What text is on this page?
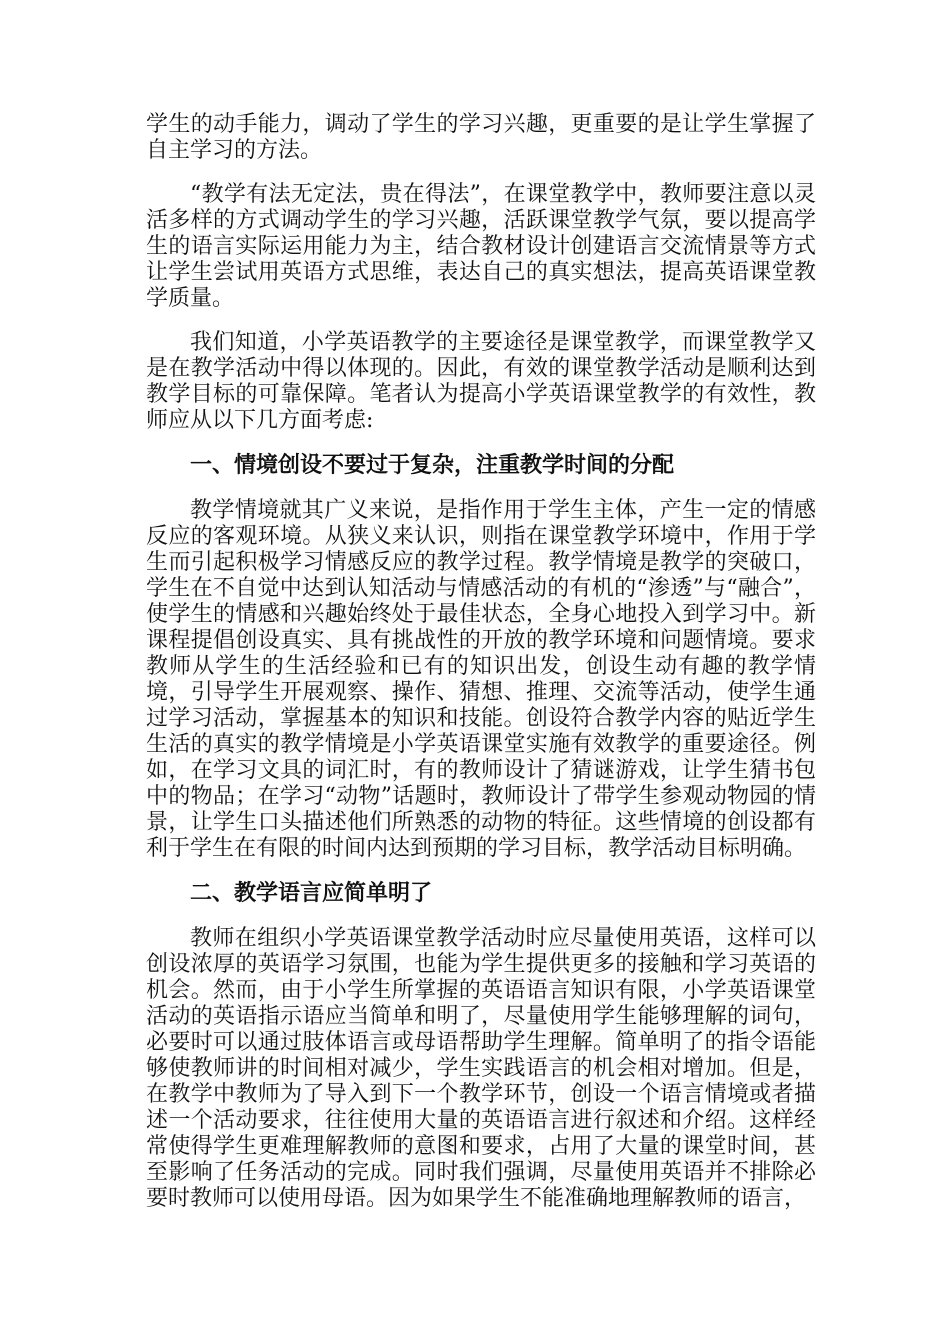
学生的动手能力，调动了学生的学习兴趣，更重要的是让学生掌握了自主学习的方法。

“教学有法无定法，贵在得法”，在课堂教学中，教师要注意以灵活多样的方式调动学生的学习兴趣，活跃课堂教学气氛，要以提高学生的语言实际运用能力为主，结合教材设计创建语言交流情景等方式让学生尝试用英语方式思维，表达自己的真实想法，提高英语课堂教学质量。

我们知道，小学英语教学的主要途径是课堂教学，而课堂教学又是在教学活动中得以体现的。因此，有效的课堂教学活动是顺利达到教学目标的可靠保障。笔者认为提高小学英语课堂教学的有效性，教师应从以下几方面考虑:

一、情境创设不要过于复杂，注重教学时间的分配

教学情境就其广义来说，是指作用于学生主体，产生一定的情感反应的客观环境。从狭义来认识，则指在课堂教学环境中，作用于学生而引起积极学习情感反应的教学过程。教学情境是教学的突破口，学生在不自觉中达到认知活动与情感活动的有机的“渗透”与“融合”，使学生的情感和兴趣始终处于最佳状态，全身心地投入到学习中。新课程提倡创设真实、具有挑战性的开放的教学环境和问题情境。要求教师从学生的生活经验和已有的知识出发，创设生动有趣的教学情境，引导学生开展观察、操作、猜想、推理、交流等活动，使学生通过学习活动，掌握基本的知识和技能。创设符合教学内容的贴近学生生活的真实的教学情境是小学英语课堂实施有效教学的重要途径。例如，在学习文具的词汇时，有的教师设计了猜谜游戏，让学生猜书包中的物品；在学习“动物”话题时，教师设计了带学生参观动物园的情景，让学生口头描述他们所熟悉的动物的特征。这些情境的创设都有利于学生在有限的时间内达到预期的学习目标，教学活动目标明确。

二、教学语言应简单明了

教师在组织小学英语课堂教学活动时应尽量使用英语，这样可以创设浓厚的英语学习氛围，也能为学生提供更多的接触和学习英语的机会。然而，由于小学生所掌握的英语语言知识有限，小学英语课堂活动的英语指示语应当简单和明了，尽量使用学生能够理解的词句，必要时可以通过肢体语言或母语帮助学生理解。简单明了的指令语能够使教师讲的时间相对减少，学生实践语言的机会相对增加。但是，在教学中教师为了导入到下一个教学环节，创设一个语言情境或者描述一个活动要求，往往使用大量的英语语言进行叙述和介绍。这样经常使得学生更难理解教师的意图和要求，占用了大量的课堂时间，甚至影响了任务活动的完成。同时我们强调，尽量使用英语并不排除必要时教师可以使用母语。因为如果学生不能准确地理解教师的语言，
